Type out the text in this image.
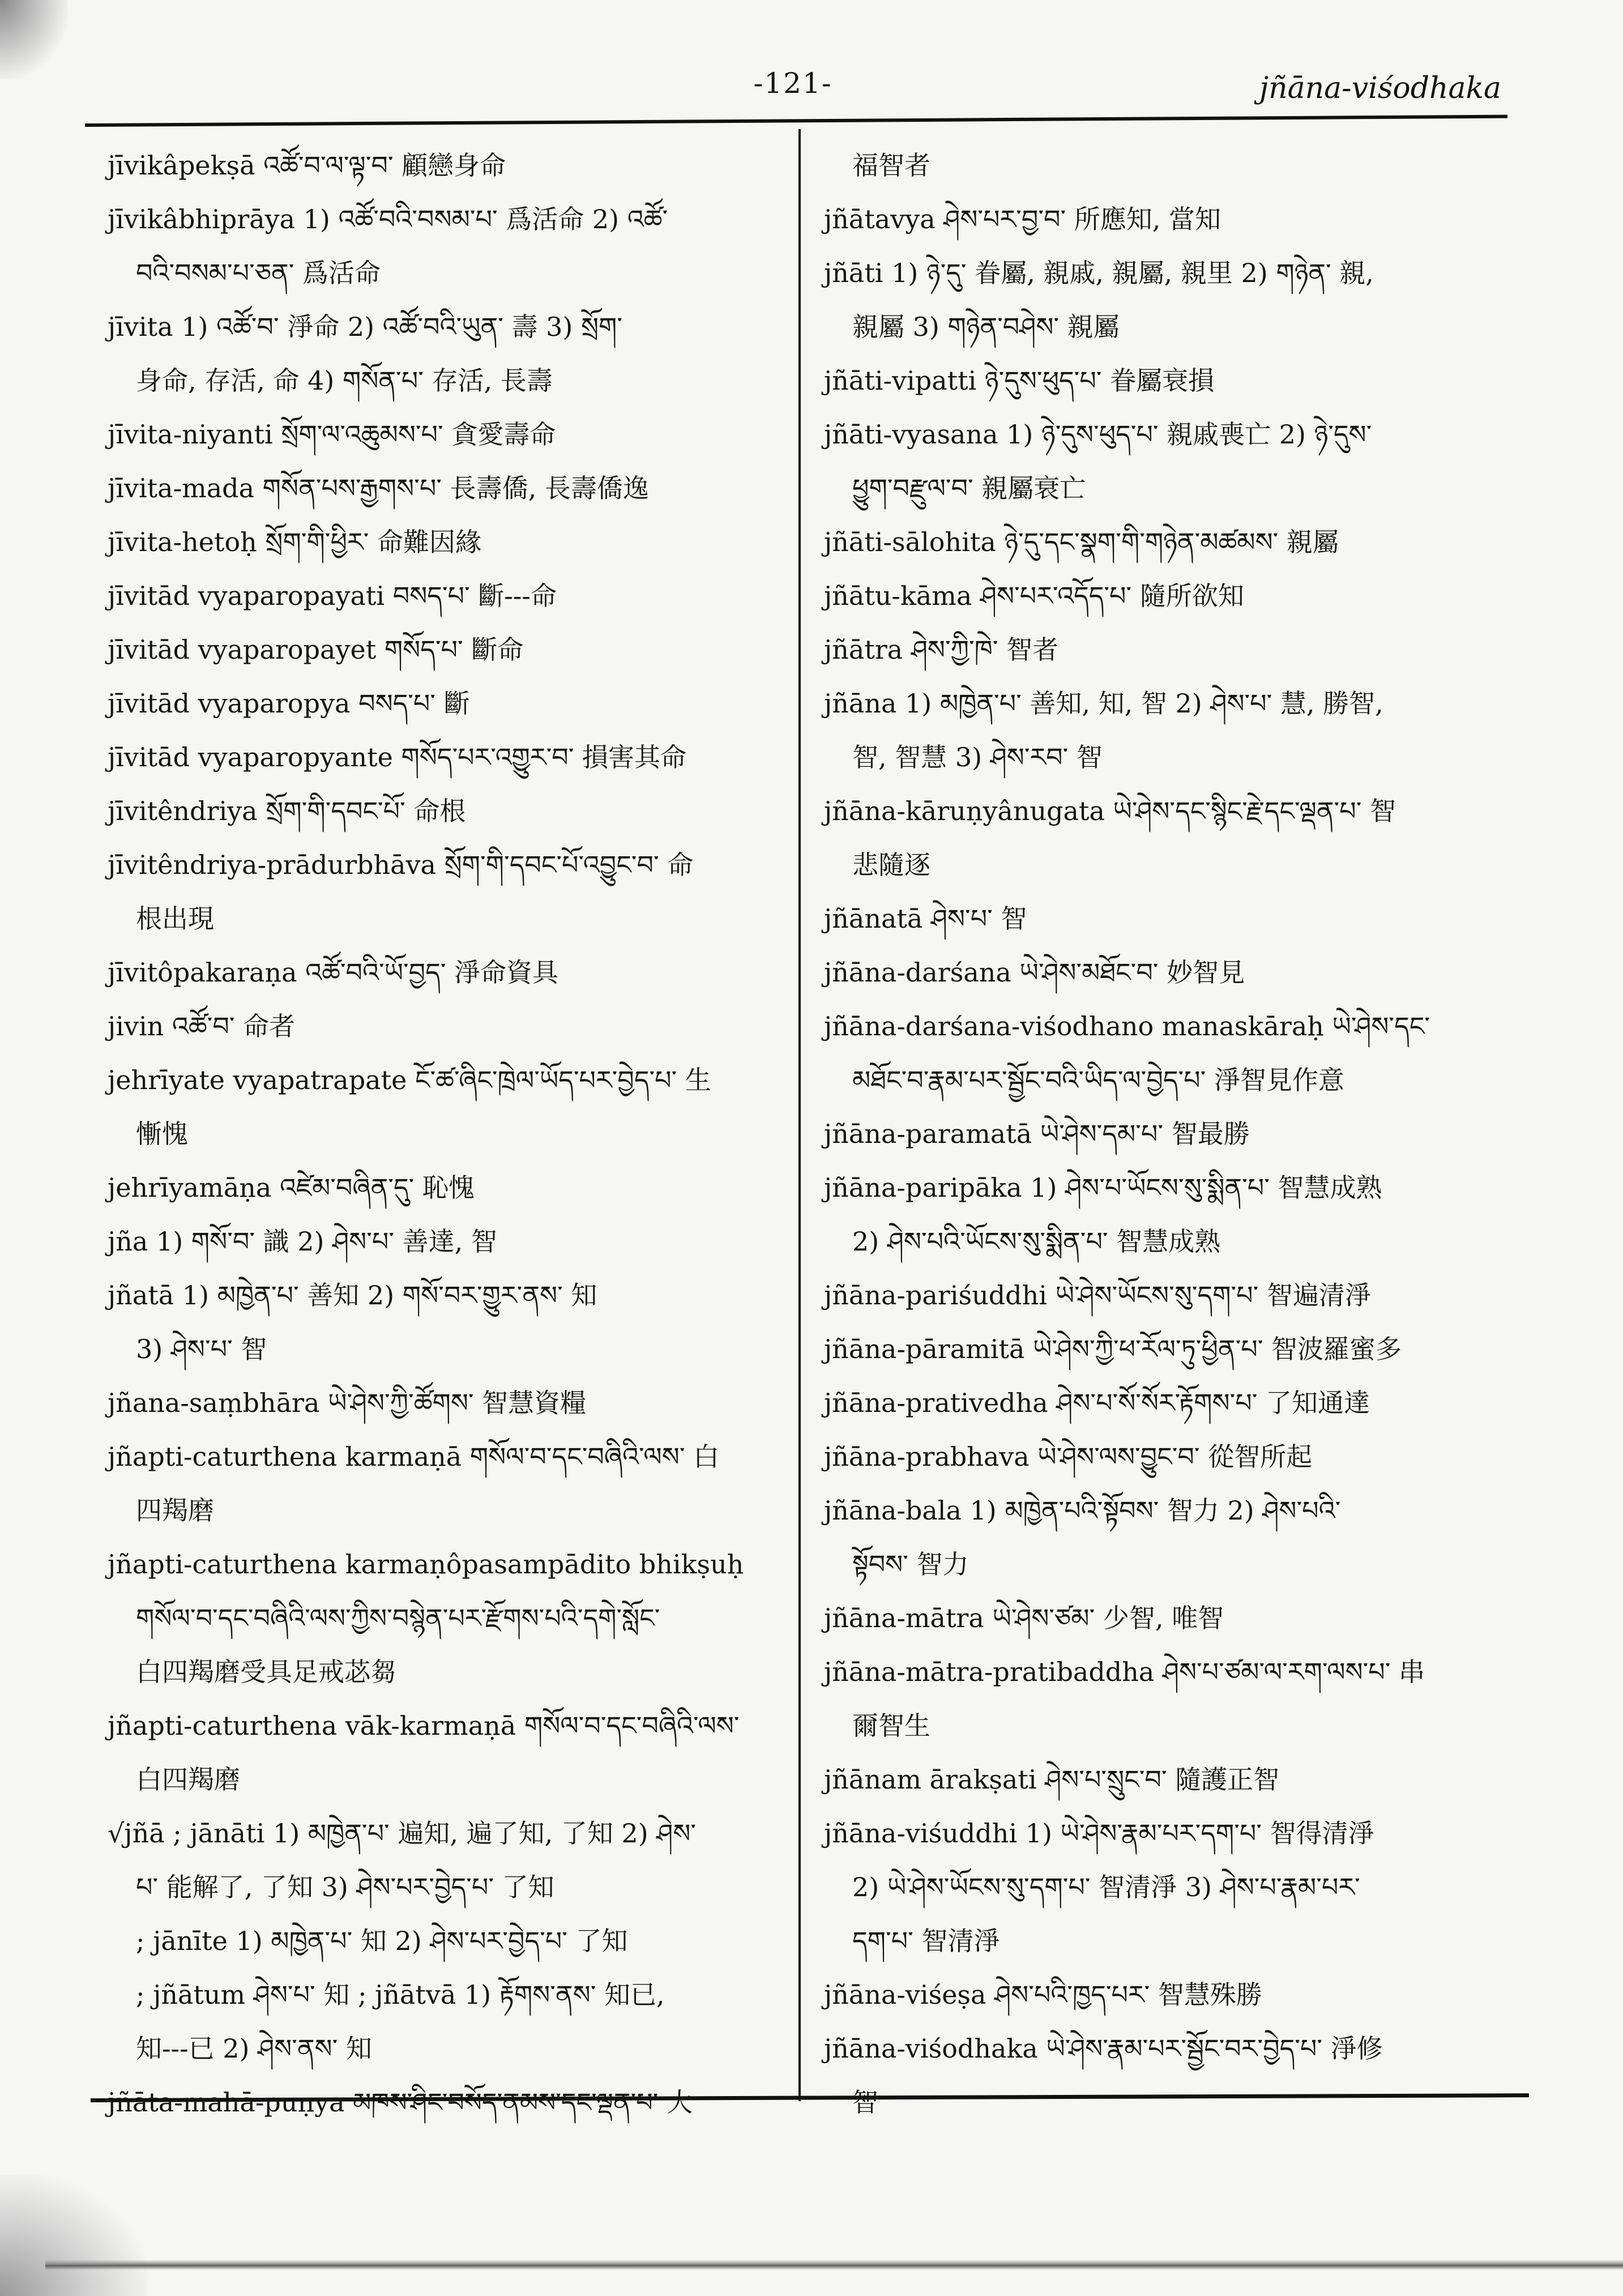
-121-	jñāna-viśodhaka
jīvikâpekṣā འཚོ་བ་ལ་ལྟ་བ་ 顧戀身命
jīvikâbhiprāya 1) འཚོ་བའི་བསམ་པ་ 爲活命 2) འཚོ་
བའི་བསམ་པ་ཅན་ 爲活命
jīvita 1) འཚོ་བ་ 淨命 2) འཚོ་བའི་ཡུན་ 壽 3) སྲོག་
身命, 存活, 命 4) གསོན་པ་ 存活, 長壽
jīvita-niyanti སྲོག་ལ་འཆུམས་པ་ 貪愛壽命
jīvita-mada གསོན་པས་རྒྱགས་པ་ 長壽僑, 長壽僑逸
jīvita-hetoḥ སྲོག་གི་ཕྱིར་ 命難因緣
jīvitād vyaparopayati བསད་པ་ 斷---命
jīvitād vyaparopayet གསོད་པ་ 斷命
jīvitād vyaparopya བསད་པ་ 斷
jīvitād vyaparopyante གསོད་པར་འགྱུར་བ་ 損害其命
jīvitêndriya སྲོག་གི་དབང་པོ་ 命根
jīvitêndriya-prādurbhāva སྲོག་གི་དབང་པོ་འབྱུང་བ་ 命
根出現
jīvitôpakaraṇa འཚོ་བའི་ཡོ་བྱད་ 淨命資具
jivin འཚོ་བ་ 命者
jehrīyate vyapatrapate ངོ་ཚ་ཞིང་ཁྲེལ་ཡོད་པར་བྱེད་པ་ 生
慚愧
jehrīyamāṇa འཛེམ་བཞིན་དུ་ 恥愧
jña 1) གསོ་བ་ 識 2) ཤེས་པ་ 善達, 智
jñatā 1) མཁྱེན་པ་ 善知 2) གསོ་བར་གྱུར་ནས་ 知
3) ཤེས་པ་ 智
jñana-saṃbhāra ཡེ་ཤེས་ཀྱི་ཚོགས་ 智慧資糧
jñapti-caturthena karmaṇā གསོལ་བ་དང་བཞིའི་ལས་ 白
四羯磨
jñapti-caturthena karmaṇôpasampādito bhikṣuḥ
གསོལ་བ་དང་བཞིའི་ལས་ཀྱིས་བསྙེན་པར་རྫོགས་པའི་དགེ་སློང་
白四羯磨受具足戒苾芻
jñapti-caturthena vāk-karmaṇā གསོལ་བ་དང་བཞིའི་ལས་
白四羯磨
√jñā ; jānāti 1) མཁྱེན་པ་ 遍知, 遍了知, 了知 2) ཤེས་
པ་ 能解了, 了知 3) ཤེས་པར་བྱེད་པ་ 了知
; jānīte 1) མཁྱེན་པ་ 知 2) ཤེས་པར་བྱེད་པ་ 了知
; jñātum ཤེས་པ་ 知 ; jñātvā 1) རྟོགས་ནས་ 知已,
知---已 2) ཤེས་ནས་ 知
jñāta-mahā-puṇya མཁས་ཤིང་བསོད་ནམས་དང་ལྡན་པ་ 大
福智者
jñātavya ཤེས་པར་བྱ་བ་ 所應知, 當知
jñāti 1) ཉེ་དུ་ 眷屬, 親戚, 親屬, 親里 2) གཉེན་ 親,
親屬 3) གཉེན་བཤེས་ 親屬
jñāti-vipatti ཉེ་དུས་ཕུད་པ་ 眷屬衰損
jñāti-vyasana 1) ཉེ་དུས་ཕུད་པ་ 親戚喪亡 2) ཉེ་དུས་
ཕྱུག་བརྫུལ་བ་ 親屬衰亡
jñāti-sālohita ཉེ་དུ་དང་སྣག་གི་གཉེན་མཚམས་ 親屬
jñātu-kāma ཤེས་པར་འདོད་པ་ 隨所欲知
jñātra ཤེས་ཀྱི་ཁེ་ 智者
jñāna 1) མཁྱེན་པ་ 善知, 知, 智 2) ཤེས་པ་ 慧, 勝智,
智, 智慧 3) ཤེས་རབ་ 智
jñāna-kāruṇyânugata ཡེ་ཤེས་དང་སྙིང་རྗེ་དང་ལྡན་པ་ 智
悲隨逐
jñānatā ཤེས་པ་ 智
jñāna-darśana ཡེ་ཤེས་མཐོང་བ་ 妙智見
jñāna-darśana-viśodhano manaskāraḥ ཡེ་ཤེས་དང་
མཐོང་བ་རྣམ་པར་སྦྱོང་བའི་ཡིད་ལ་བྱེད་པ་ 淨智見作意
jñāna-paramatā ཡེ་ཤེས་དམ་པ་ 智最勝
jñāna-paripāka 1) ཤེས་པ་ཡོངས་སུ་སྨིན་པ་ 智慧成熟
2) ཤེས་པའི་ཡོངས་སུ་སྨིན་པ་ 智慧成熟
jñāna-pariśuddhi ཡེ་ཤེས་ཡོངས་སུ་དག་པ་ 智遍清淨
jñāna-pāramitā ཡེ་ཤེས་ཀྱི་ཕ་རོལ་ཏུ་ཕྱིན་པ་ 智波羅蜜多
jñāna-prativedha ཤེས་པ་སོ་སོར་རྟོགས་པ་ 了知通達
jñāna-prabhava ཡེ་ཤེས་ལས་བྱུང་བ་ 從智所起
jñāna-bala 1) མཁྱེན་པའི་སྟོབས་ 智力 2) ཤེས་པའི་
སྟོབས་ 智力
jñāna-mātra ཡེ་ཤེས་ཙམ་ 少智, 唯智
jñāna-mātra-pratibaddha ཤེས་པ་ཙམ་ལ་རག་ལས་པ་ 串
爾智生
jñānam ārakṣati ཤེས་པ་སྲུང་བ་ 隨護正智
jñāna-viśuddhi 1) ཡེ་ཤེས་རྣམ་པར་དག་པ་ 智得清淨
2) ཡེ་ཤེས་ཡོངས་སུ་དག་པ་ 智清淨 3) ཤེས་པ་རྣམ་པར་
དག་པ་ 智清淨
jñāna-viśeṣa ཤེས་པའི་ཁྱད་པར་ 智慧殊勝
jñāna-viśodhaka ཡེ་ཤེས་རྣམ་པར་སྦྱོང་བར་བྱེད་པ་ 淨修
智
